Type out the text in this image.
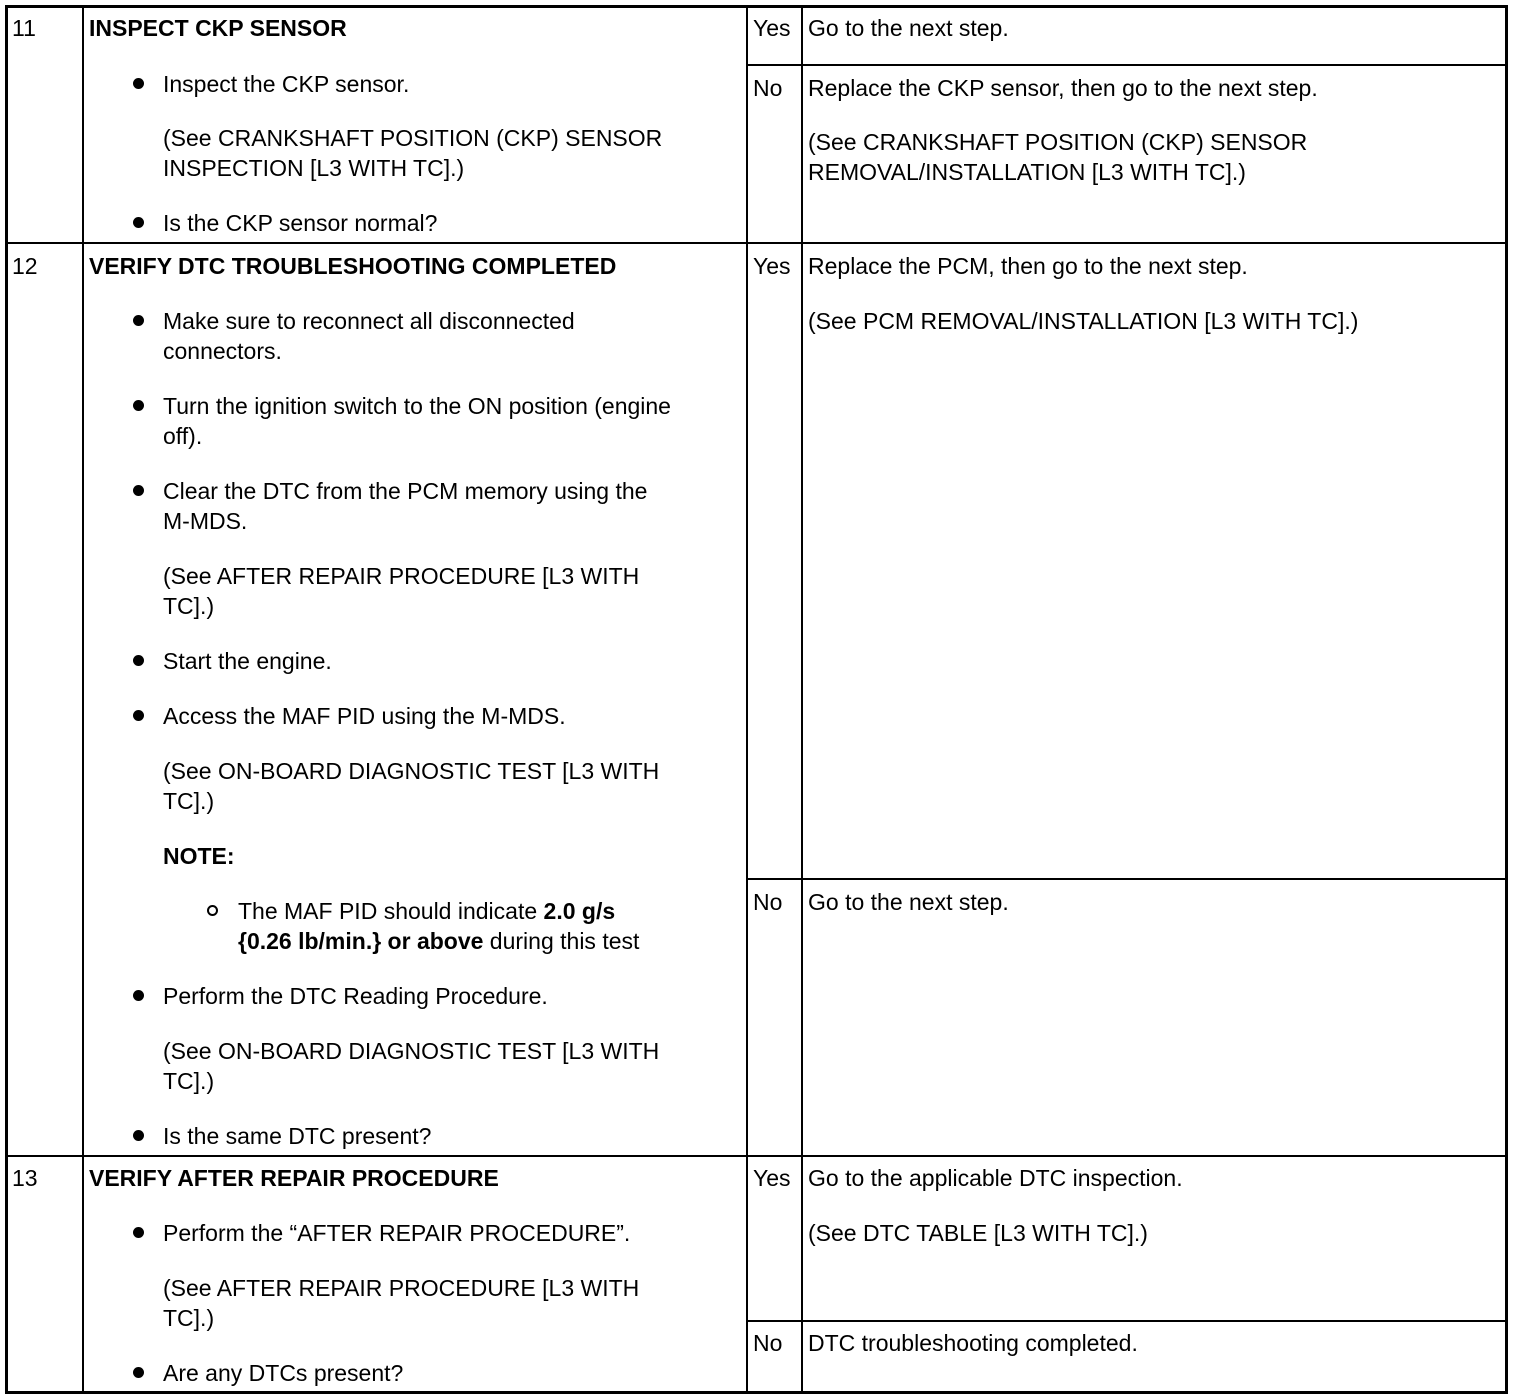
11 INSPECT CKP SENSOR
Inspect the CKP sensor.
(See CRANKSHAFT POSITION (CKP) SENSOR
INSPECTION [L3 WITH TC].)
Is the CKP sensor normal?
Yes Go to the next step.
No Replace the CKP sensor, then go to the next step.
(See CRANKSHAFT POSITION (CKP) SENSOR
REMOVAL/INSTALLATION [L3 WITH TC].)
12 VERIFY DTC TROUBLESHOOTING COMPLETED
Make sure to reconnect all disconnected
connectors.
Turn the ignition switch to the ON position (engine
off).
Clear the DTC from the PCM memory using the
M-MDS.
(See AFTER REPAIR PROCEDURE [L3 WITH
TC].)
Start the engine.
Access the MAF PID using the M-MDS.
(See ON-BOARD DIAGNOSTIC TEST [L3 WITH
TC].)
NOTE:
The MAF PID should indicate 2.0 g/s
{0.26 lb/min.} or above during this test
Perform the DTC Reading Procedure.
(See ON-BOARD DIAGNOSTIC TEST [L3 WITH
TC].)
Is the same DTC present?
Yes Replace the PCM, then go to the next step.
(See PCM REMOVAL/INSTALLATION [L3 WITH TC].)
No Go to the next step.
13 VERIFY AFTER REPAIR PROCEDURE
Perform the “AFTER REPAIR PROCEDURE”.
(See AFTER REPAIR PROCEDURE [L3 WITH
TC].)
Are any DTCs present?
Yes Go to the applicable DTC inspection.
(See DTC TABLE [L3 WITH TC].)
No DTC troubleshooting completed.
